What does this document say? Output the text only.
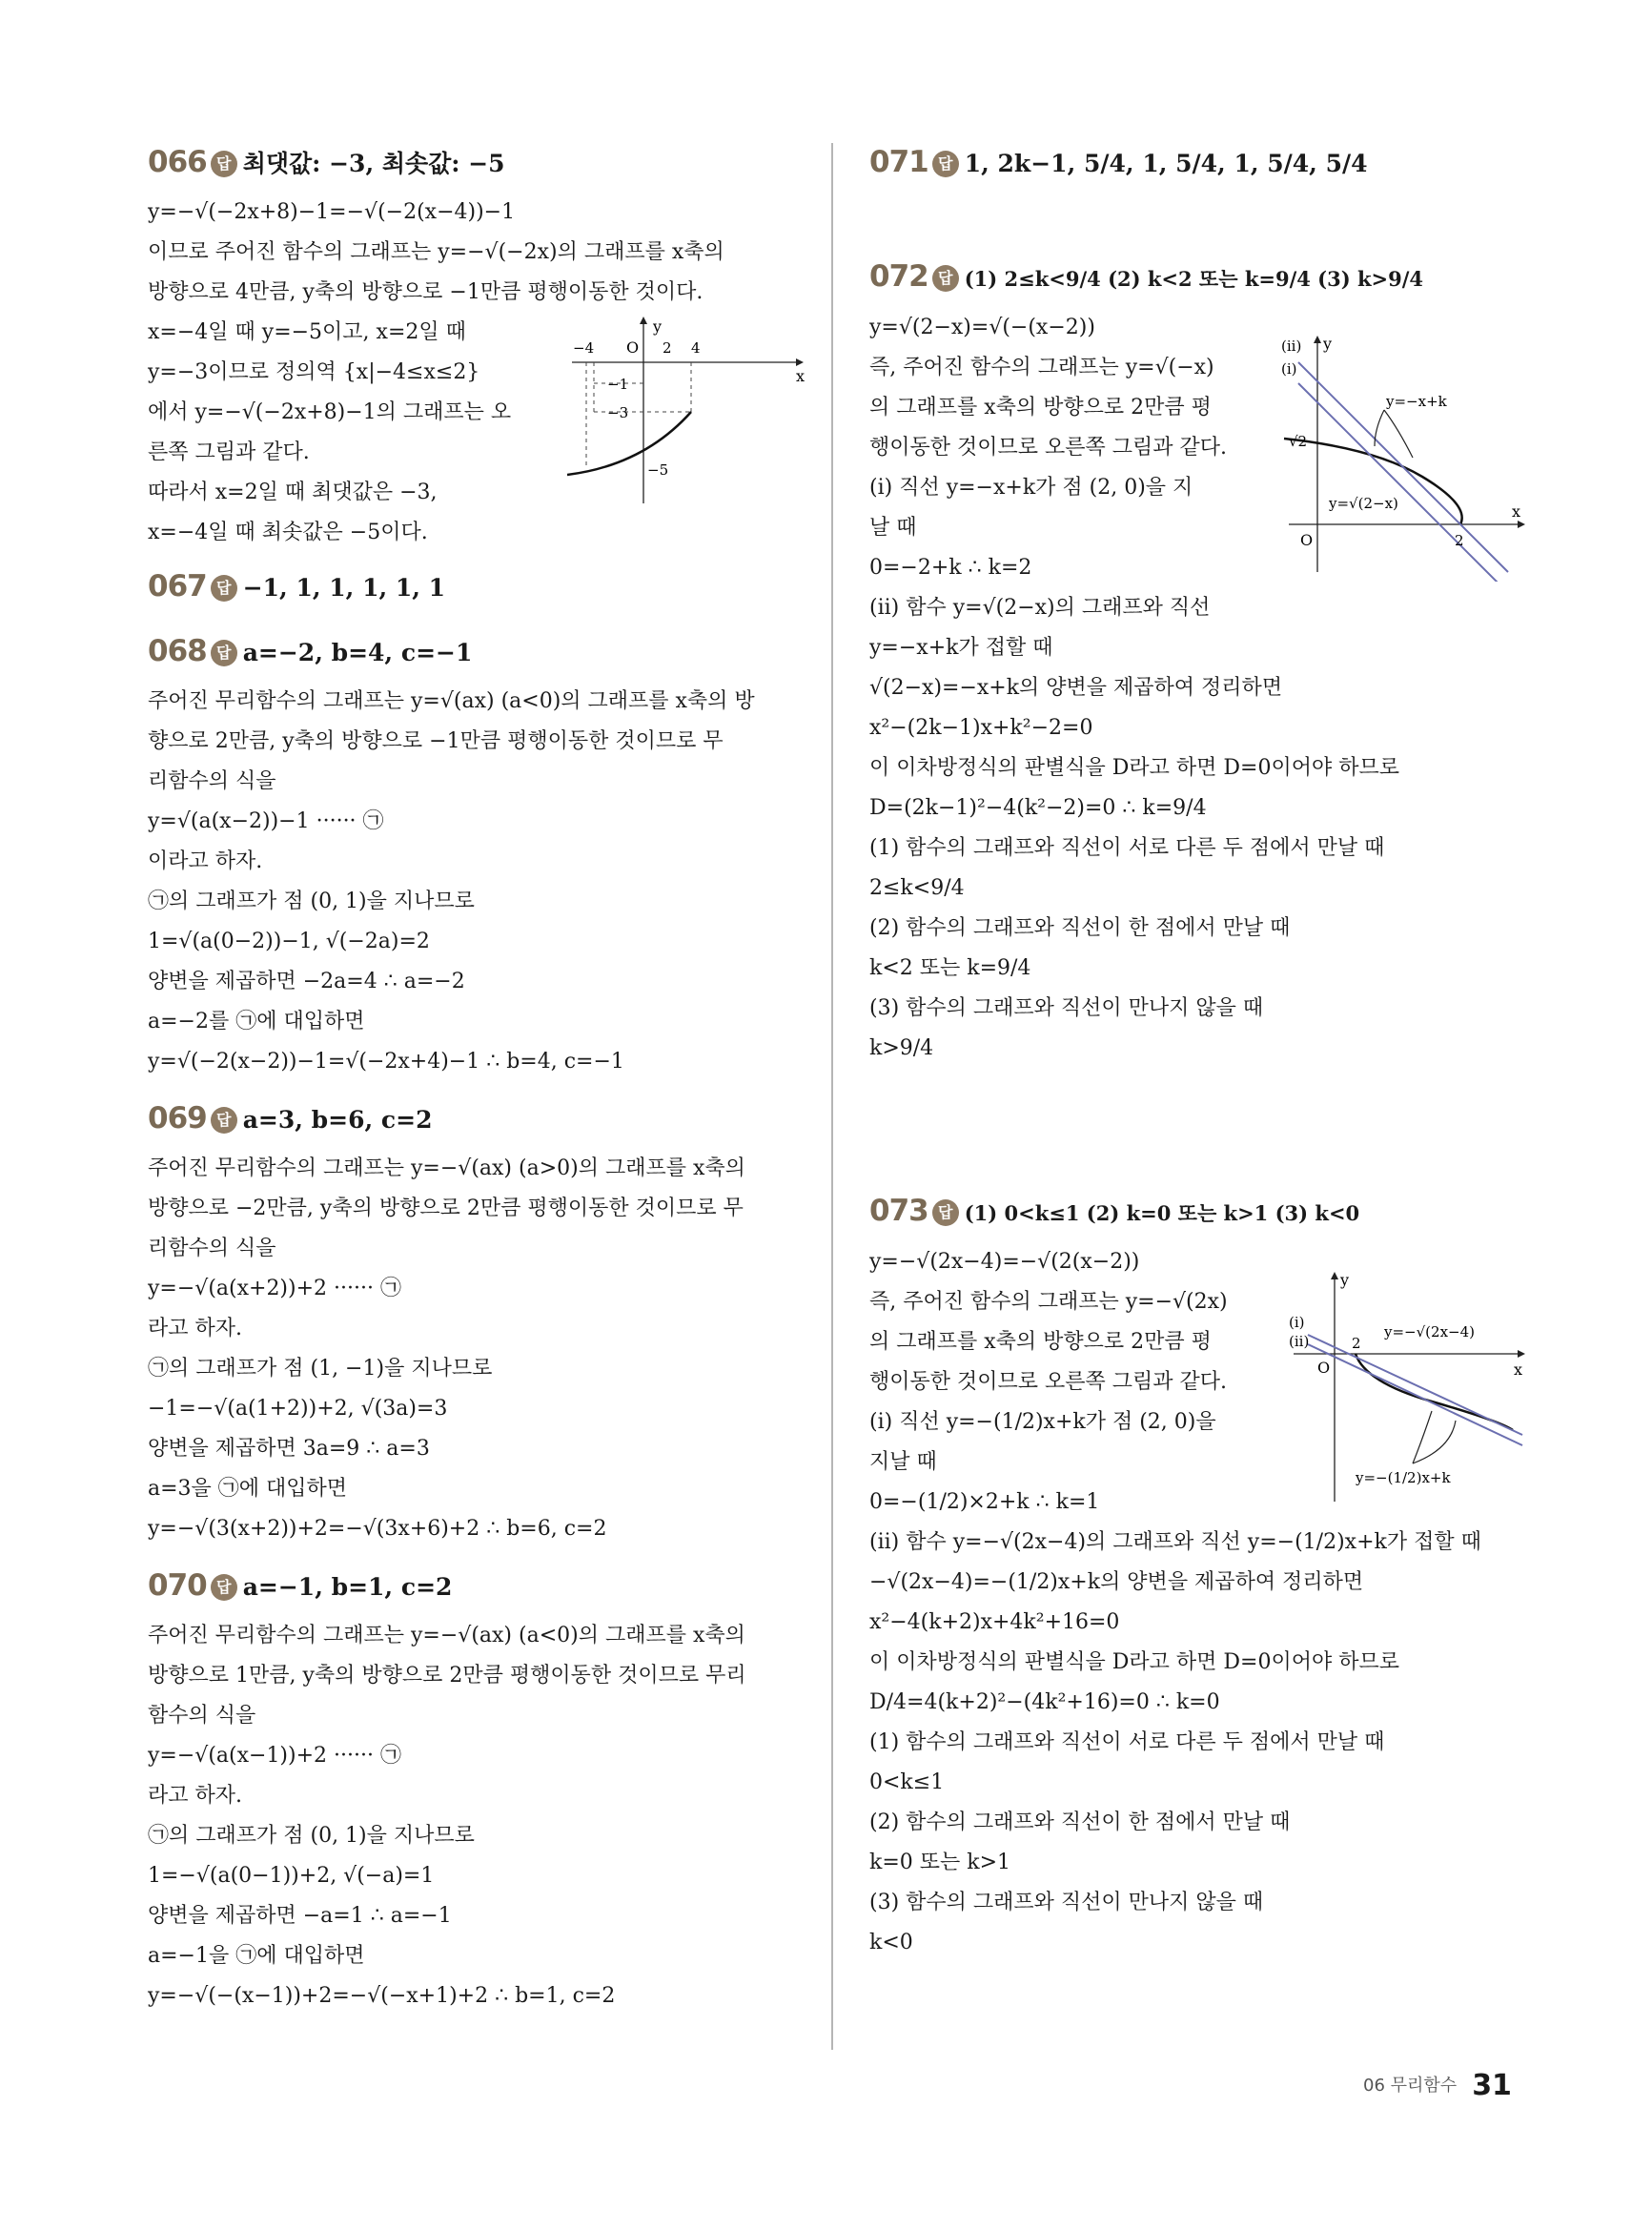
066 답 최댓값: −3, 최솟값: −5
y=−√(−2x+8)−1=−√(−2(x−4))−1
이므로 주어진 함수의 그래프는 y=−√(−2x)의 그래프를 x축의
방향으로 4만큼, y축의 방향으로 −1만큼 평행이동한 것이다.
x=−4일 때 y=−5이고, x=2일 때
y=−3이므로 정의역 {x|−4≤x≤2}
에서 y=−√(−2x+8)−1의 그래프는 오
른쪽 그림과 같다.
따라서 x=2일 때 최댓값은 −3,
x=−4일 때 최솟값은 −5이다.
y
x
O
−4	2 4
−1
−3
−5
067 답 −1, 1, 1, 1, 1, 1
068 답 a=−2, b=4, c=−1
주어진 무리함수의 그래프는 y=√(ax) (a<0)의 그래프를 x축의 방
향으로 2만큼, y축의 방향으로 −1만큼 평행이동한 것이므로 무
리함수의 식을
y=√(a(x−2))−1 ······ ㉠
이라고 하자.
㉠의 그래프가 점 (0, 1)을 지나므로
1=√(a(0−2))−1, √(−2a)=2
양변을 제곱하면 −2a=4 ∴ a=−2
a=−2를 ㉠에 대입하면
y=√(−2(x−2))−1=√(−2x+4)−1 ∴ b=4, c=−1
069 답 a=3, b=6, c=2
주어진 무리함수의 그래프는 y=−√(ax) (a>0)의 그래프를 x축의
방향으로 −2만큼, y축의 방향으로 2만큼 평행이동한 것이므로 무
리함수의 식을
y=−√(a(x+2))+2 ······ ㉠
라고 하자.
㉠의 그래프가 점 (1, −1)을 지나므로
−1=−√(a(1+2))+2, √(3a)=3
양변을 제곱하면 3a=9 ∴ a=3
a=3을 ㉠에 대입하면
y=−√(3(x+2))+2=−√(3x+6)+2 ∴ b=6, c=2
070 답 a=−1, b=1, c=2
주어진 무리함수의 그래프는 y=−√(ax) (a<0)의 그래프를 x축의
방향으로 1만큼, y축의 방향으로 2만큼 평행이동한 것이므로 무리
함수의 식을
y=−√(a(x−1))+2 ······ ㉠
라고 하자.
㉠의 그래프가 점 (0, 1)을 지나므로
1=−√(a(0−1))+2, √(−a)=1
양변을 제곱하면 −a=1 ∴ a=−1
a=−1을 ㉠에 대입하면
y=−√(−(x−1))+2=−√(−x+1)+2 ∴ b=1, c=2
071 답 1, 2k−1, 5/4, 1, 5/4, 1, 5/4, 5/4
072 답 (1) 2≤k<9/4 (2) k<2 또는 k=9/4 (3) k>9/4
y=√(2−x)=√(−(x−2))
즉, 주어진 함수의 그래프는 y=√(−x)
의 그래프를 x축의 방향으로 2만큼 평
행이동한 것이므로 오른쪽 그림과 같다.
(i) 직선 y=−x+k가 점 (2, 0)을 지
날 때
0=−2+k ∴ k=2
(ii) 함수 y=√(2−x)의 그래프와 직선
y=−x+k가 접할 때
√(2−x)=−x+k의 양변을 제곱하여 정리하면
x²−(2k−1)x+k²−2=0
이 이차방정식의 판별식을 D라고 하면 D=0이어야 하므로
D=(2k−1)²−4(k²−2)=0 ∴ k=9/4
(1) 함수의 그래프와 직선이 서로 다른 두 점에서 만날 때
2≤k<9/4
(2) 함수의 그래프와 직선이 한 점에서 만날 때
k<2 또는 k=9/4
(3) 함수의 그래프와 직선이 만나지 않을 때
k>9/4
(ii)
(i)
y
x
O	2
√2
y=−x+k
y=√(2−x)
073 답 (1) 0<k≤1 (2) k=0 또는 k>1 (3) k<0
y=−√(2x−4)=−√(2(x−2))
즉, 주어진 함수의 그래프는 y=−√(2x)
의 그래프를 x축의 방향으로 2만큼 평
행이동한 것이므로 오른쪽 그림과 같다.
(i) 직선 y=−(1/2)x+k가 점 (2, 0)을
지날 때
0=−(1/2)×2+k ∴ k=1
(ii) 함수 y=−√(2x−4)의 그래프와 직선 y=−(1/2)x+k가 접할 때
−√(2x−4)=−(1/2)x+k의 양변을 제곱하여 정리하면
x²−4(k+2)x+4k²+16=0
이 이차방정식의 판별식을 D라고 하면 D=0이어야 하므로
D/4=4(k+2)²−(4k²+16)=0 ∴ k=0
(1) 함수의 그래프와 직선이 서로 다른 두 점에서 만날 때
0<k≤1
(2) 함수의 그래프와 직선이 한 점에서 만날 때
k=0 또는 k>1
(3) 함수의 그래프와 직선이 만나지 않을 때
k<0
y
x
O
2
(i)
(ii)
y=−√(2x−4)
y=−(1/2)x+k
06 무리함수 31
